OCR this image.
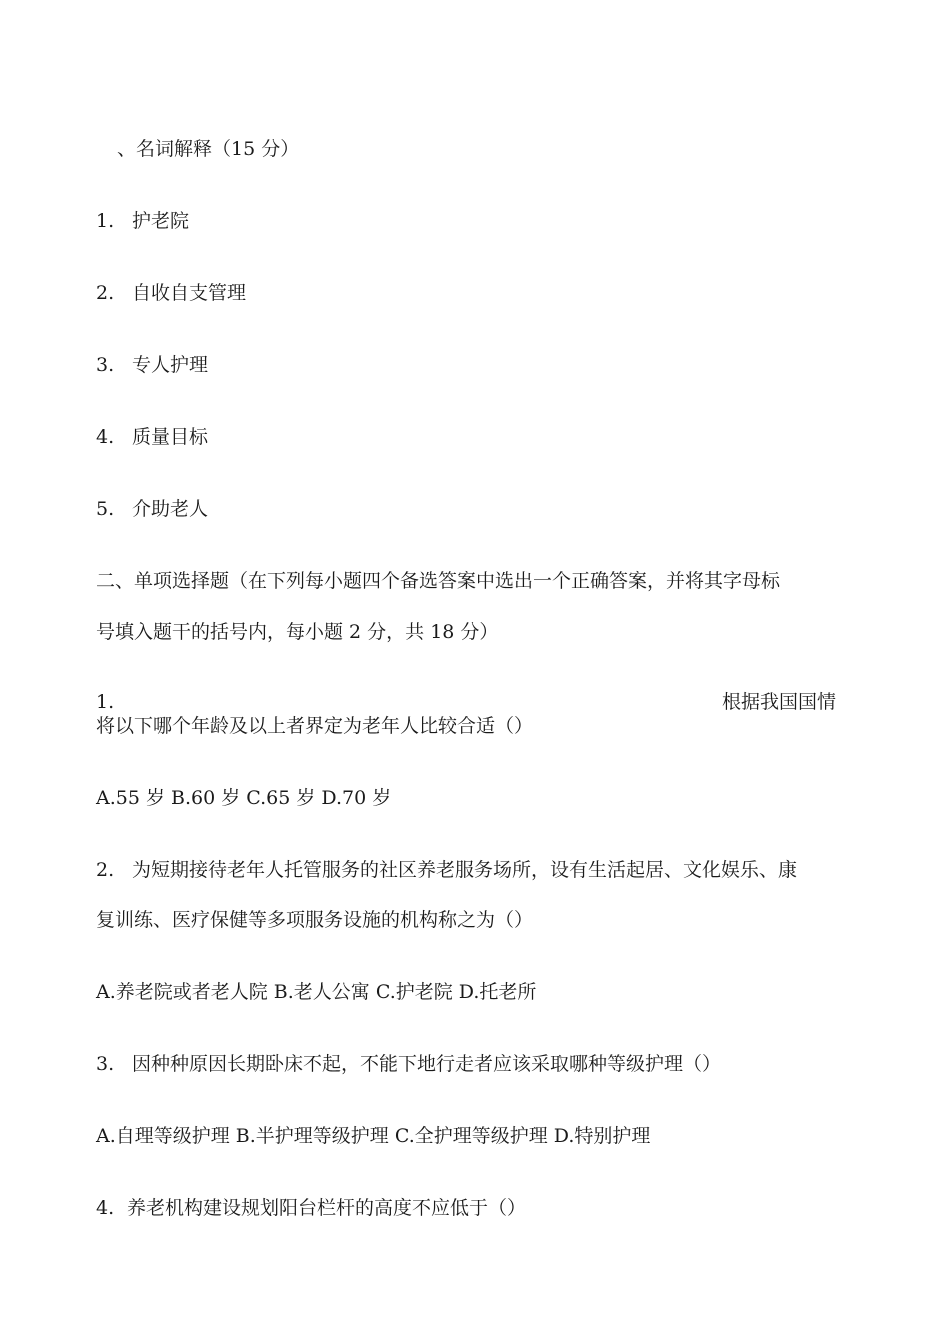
、名词解释（15 分）
1. 护老院
2. 自收自支管理
3. 专人护理
4. 质量目标
5. 介助老人
二、单项选择题（在下列每小题四个备选答案中选出一个正确答案，并将其字母标
号填入题干的括号内，每小题 2 分，共 18 分）
1.	根据我国国情
将以下哪个年龄及以上者界定为老年人比较合适（）
A.55 岁 B.60 岁 C.65 岁 D.70 岁
2. 为短期接待老年人托管服务的社区养老服务场所，设有生活起居、文化娱乐、康
复训练、医疗保健等多项服务设施的机构称之为（）
A.养老院或者老人院 B.老人公寓 C.护老院 D.托老所
3. 因种种原因长期卧床不起，不能下地行走者应该采取哪种等级护理（）
A.自理等级护理 B.半护理等级护理 C.全护理等级护理 D.特别护理
4. 养老机构建设规划阳台栏杆的高度不应低于（）
